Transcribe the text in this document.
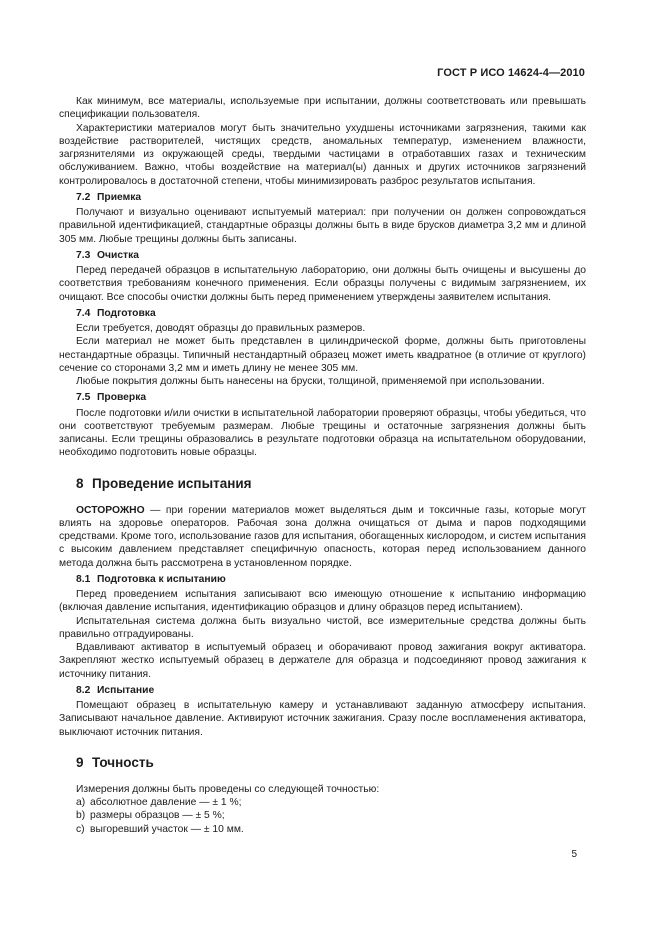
ГОСТ Р ИСО 14624-4—2010

Как минимум, все материалы, используемые при испытании, должны соответствовать или превышать спецификации пользователя.

Характеристики материалов могут быть значительно ухудшены источниками загрязнения, такими как воздействие растворителей, чистящих средств, аномальных температур, изменением влажности, загрязнителями из окружающей среды, твердыми частицами в отработавших газах и техническим обслуживанием. Важно, чтобы воздействие на материал(ы) данных и других источников загрязнений контролировалось в достаточной степени, чтобы минимизировать разброс результатов испытания.

7.2 Приемка

Получают и визуально оценивают испытуемый материал: при получении он должен сопровождаться правильной идентификацией, стандартные образцы должны быть в виде брусков диаметра 3,2 мм и длиной 305 мм. Любые трещины должны быть записаны.

7.3 Очистка

Перед передачей образцов в испытательную лабораторию, они должны быть очищены и высушены до соответствия требованиям конечного применения. Если образцы получены с видимым загрязнением, их очищают. Все способы очистки должны быть перед применением утверждены заявителем испытания.

7.4 Подготовка

Если требуется, доводят образцы до правильных размеров.

Если материал не может быть представлен в цилиндрической форме, должны быть приготовлены нестандартные образцы. Типичный нестандартный образец может иметь квадратное (в отличие от круглого) сечение со сторонами 3,2 мм и иметь длину не менее 305 мм.

Любые покрытия должны быть нанесены на бруски, толщиной, применяемой при использовании.

7.5 Проверка

После подготовки и/или очистки в испытательной лаборатории проверяют образцы, чтобы убедиться, что они соответствуют требуемым размерам. Любые трещины и остаточные загрязнения должны быть записаны. Если трещины образовались в результате подготовки образца на испытательном оборудовании, необходимо подготовить новые образцы.

8 Проведение испытания

ОСТОРОЖНО — при горении материалов может выделяться дым и токсичные газы, которые могут влиять на здоровье операторов. Рабочая зона должна очищаться от дыма и паров подходящими средствами. Кроме того, использование газов для испытания, обогащенных кислородом, и систем испытания с высоким давлением представляет специфичную опасность, которая перед использованием данного метода должна быть рассмотрена в установленном порядке.

8.1 Подготовка к испытанию

Перед проведением испытания записывают всю имеющую отношение к испытанию информацию (включая давление испытания, идентификацию образцов и длину образцов перед испытанием).

Испытательная система должна быть визуально чистой, все измерительные средства должны быть правильно отградуированы.

Вдавливают активатор в испытуемый образец и оборачивают провод зажигания вокруг активатора. Закрепляют жестко испытуемый образец в держателе для образца и подсоединяют провод зажигания к источнику питания.

8.2 Испытание

Помещают образец в испытательную камеру и устанавливают заданную атмосферу испытания. Записывают начальное давление. Активируют источник зажигания. Сразу после воспламенения активатора, выключают источник питания.

9 Точность

Измерения должны быть проведены со следующей точностью:

a) абсолютное давление — ± 1 %;
b) размеры образцов — ± 5 %;
c) выгоревший участок — ± 10 мм.
5
